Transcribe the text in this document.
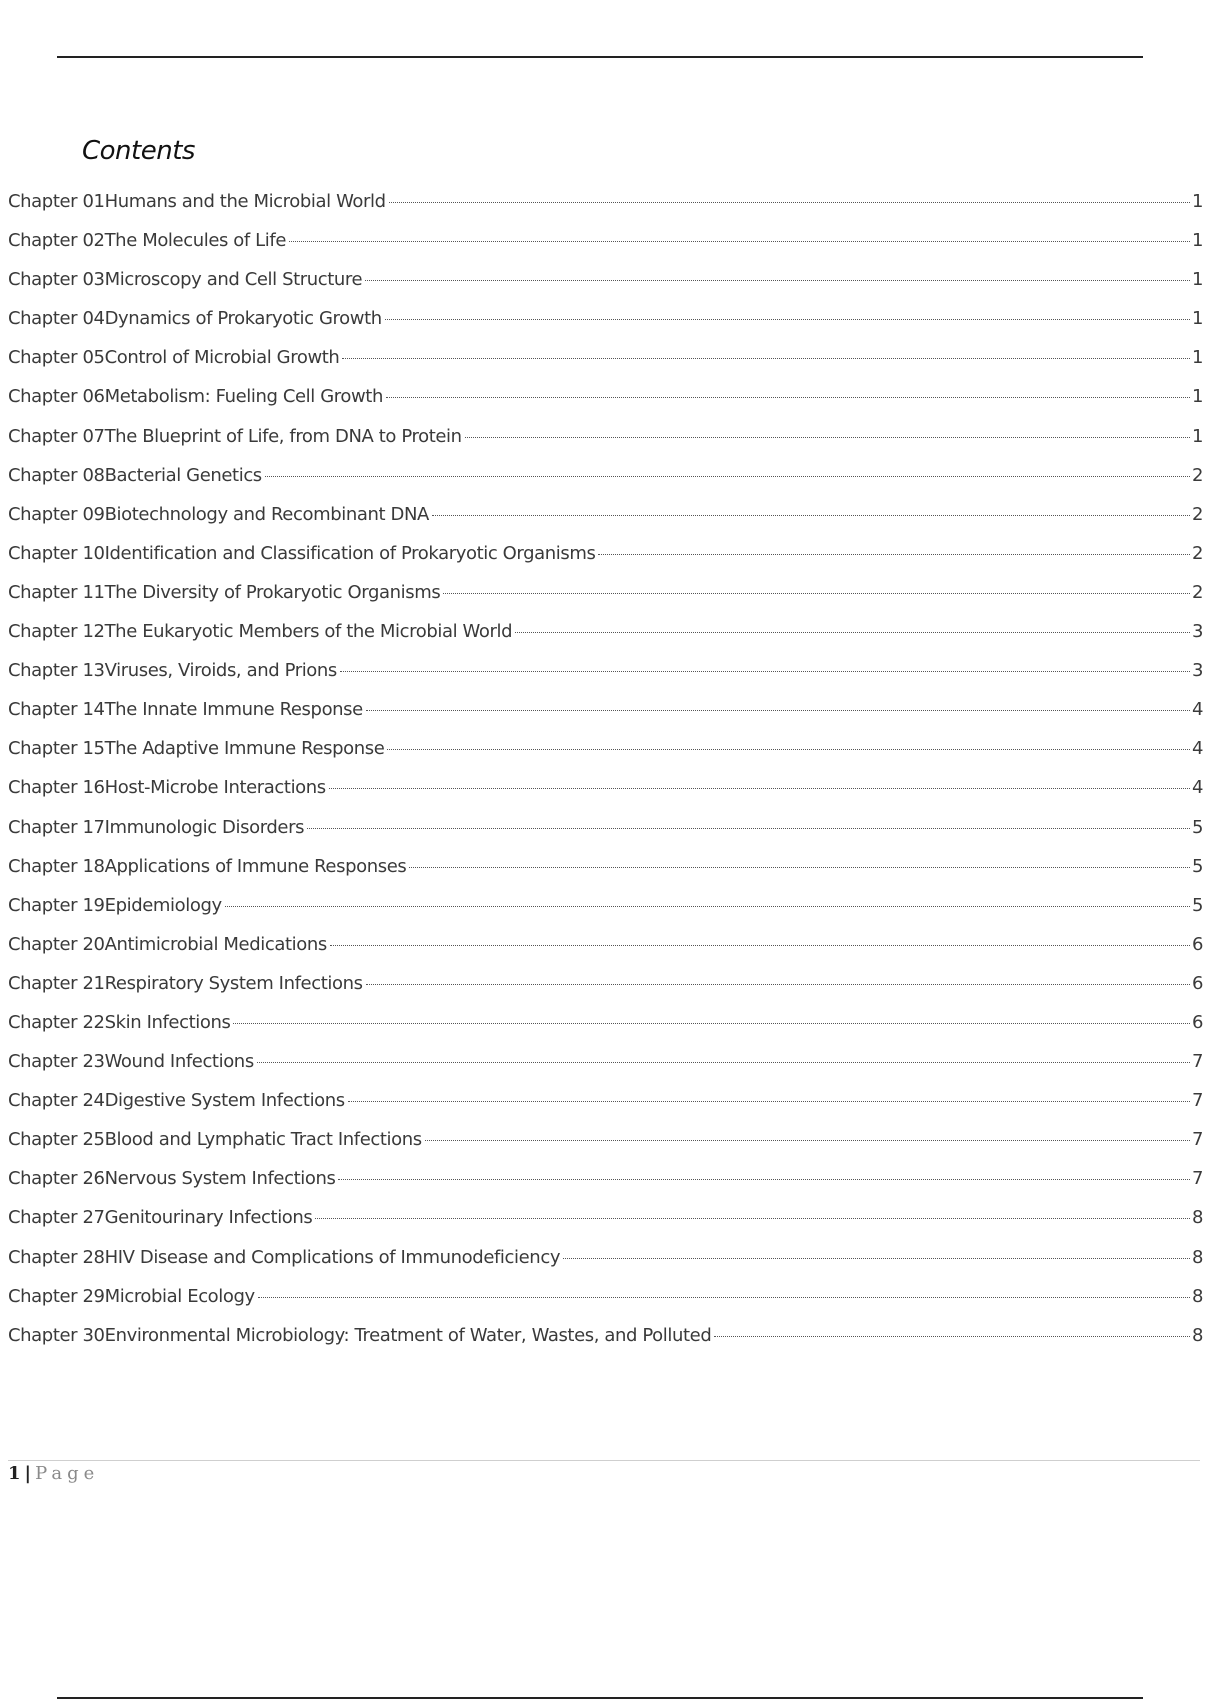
Contents
Chapter 01Humans and the Microbial World	1
Chapter 02The Molecules of Life	1
Chapter 03Microscopy and Cell Structure	1
Chapter 04Dynamics of Prokaryotic Growth	1
Chapter 05Control of Microbial Growth	1
Chapter 06Metabolism: Fueling Cell Growth	1
Chapter 07The Blueprint of Life, from DNA to Protein	1
Chapter 08Bacterial Genetics	2
Chapter 09Biotechnology and Recombinant DNA	2
Chapter 10Identification and Classification of Prokaryotic Organisms	2
Chapter 11The Diversity of Prokaryotic Organisms	2
Chapter 12The Eukaryotic Members of the Microbial World	3
Chapter 13Viruses, Viroids, and Prions	3
Chapter 14The Innate Immune Response	4
Chapter 15The Adaptive Immune Response	4
Chapter 16Host-Microbe Interactions	4
Chapter 17Immunologic Disorders	5
Chapter 18Applications of Immune Responses	5
Chapter 19Epidemiology	5
Chapter 20Antimicrobial Medications	6
Chapter 21Respiratory System Infections	6
Chapter 22Skin Infections	6
Chapter 23Wound Infections	7
Chapter 24Digestive System Infections	7
Chapter 25Blood and Lymphatic Tract Infections	7
Chapter 26Nervous System Infections	7
Chapter 27Genitourinary Infections	8
Chapter 28HIV Disease and Complications of Immunodeficiency	8
Chapter 29Microbial Ecology	8
Chapter 30Environmental Microbiology: Treatment of Water, Wastes, and Polluted	8
1 | Page
